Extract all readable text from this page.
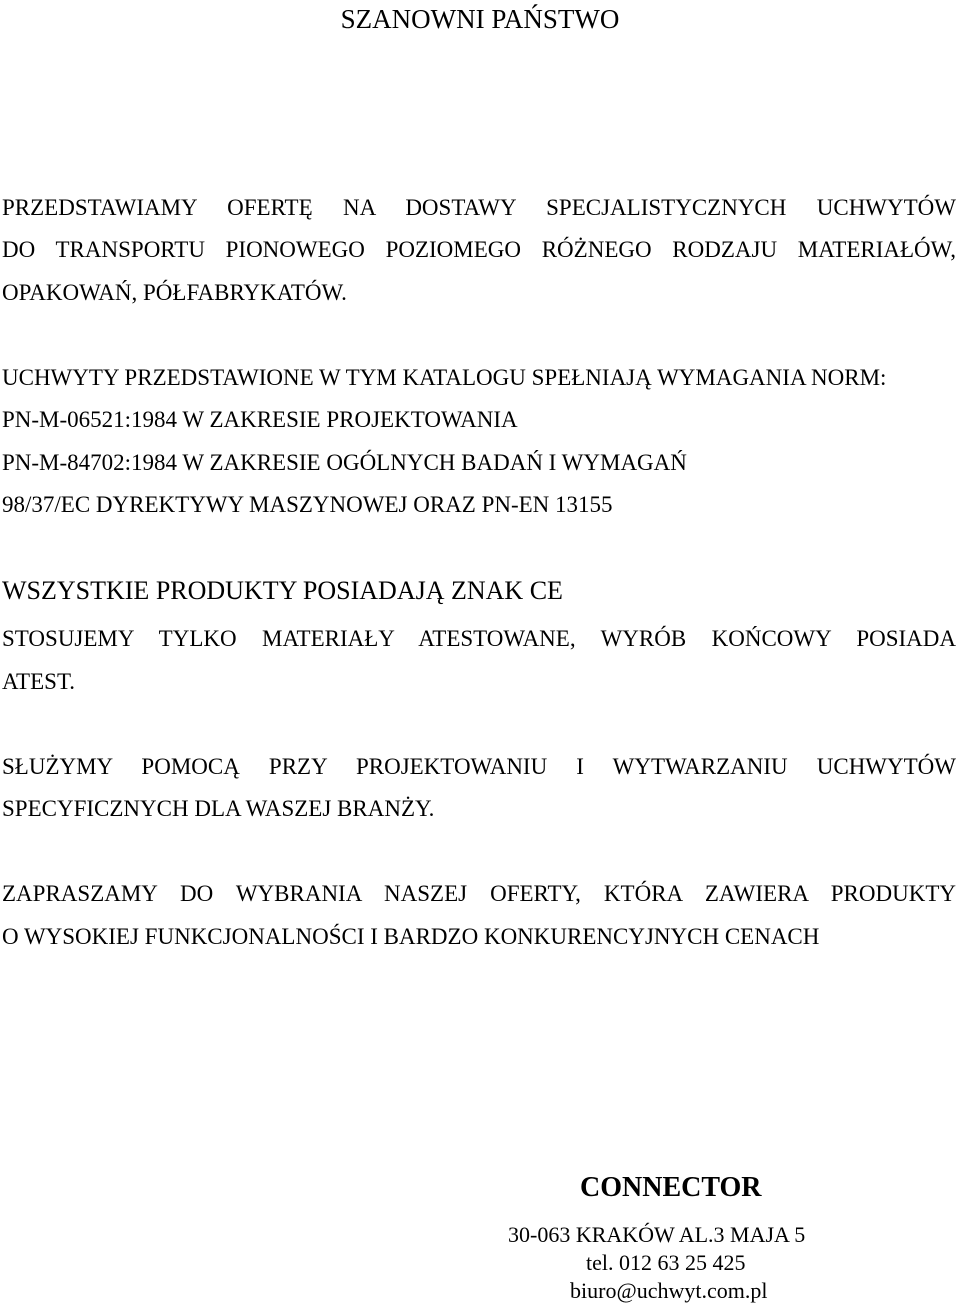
SZANOWNI PAŃSTWO
PRZEDSTAWIAMY OFERTĘ NA DOSTAWY SPECJALISTYCZNYCH UCHWYTÓW
DO TRANSPORTU PIONOWEGO POZIOMEGO RÓŻNEGO RODZAJU MATERIAŁÓW,
OPAKOWAŃ, PÓŁFABRYKATÓW.
UCHWYTY PRZEDSTAWIONE W TYM KATALOGU SPEŁNIAJĄ WYMAGANIA NORM:
PN-M-06521:1984 W ZAKRESIE PROJEKTOWANIA
PN-M-84702:1984 W ZAKRESIE OGÓLNYCH BADAŃ I WYMAGAŃ
98/37/EC DYREKTYWY MASZYNOWEJ ORAZ PN-EN 13155
WSZYSTKIE PRODUKTY POSIADAJĄ ZNAK CE
STOSUJEMY TYLKO MATERIAŁY ATESTOWANE, WYRÓB KOŃCOWY POSIADA
ATEST.
SŁUŻYMY POMOCĄ PRZY PROJEKTOWANIU I WYTWARZANIU UCHWYTÓW
SPECYFICZNYCH DLA WASZEJ BRANŻY.
ZAPRASZAMY DO WYBRANIA NASZEJ OFERTY, KTÓRA ZAWIERA PRODUKTY
O WYSOKIEJ FUNKCJONALNOŚCI I BARDZO KONKURENCYJNYCH CENACH
CONNECTOR
30-063 KRAKÓW AL.3 MAJA 5
tel. 012 63 25 425
biuro@uchwyt.com.pl
